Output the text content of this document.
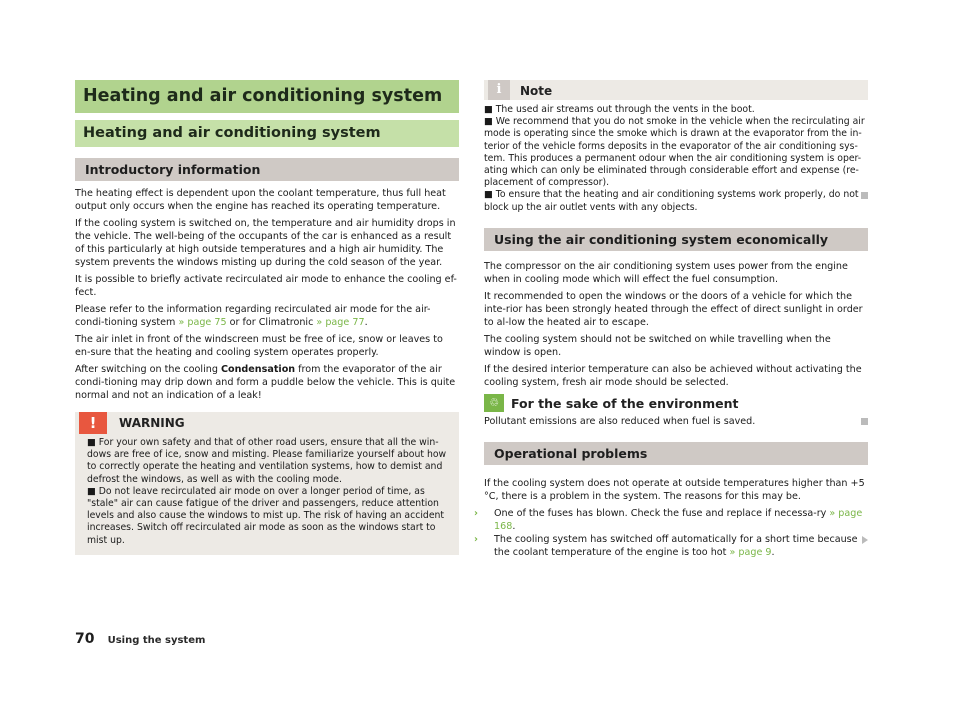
Heating and air conditioning system
Heating and air conditioning system
Introductory information

The heating effect is dependent upon the coolant temperature, thus full heat output only occurs when the engine has reached its operating temperature.

If the cooling system is switched on, the temperature and air humidity drops in the vehicle. The well-being of the occupants of the car is enhanced as a result of this particularly at high outside temperatures and a high air humidity. The system prevents the windows misting up during the cold season of the year.

It is possible to briefly activate recirculated air mode to enhance the cooling ef-fect.

Please refer to the information regarding recirculated air mode for the air-condi-tioning system » page 75 or for Climatronic » page 77.

The air inlet in front of the windscreen must be free of ice, snow or leaves to en-sure that the heating and cooling system operates properly.

After switching on the cooling Condensation from the evaporator of the air condi-tioning may drip down and form a puddle below the vehicle. This is quite normal and not an indication of a leak!

!	WARNING

■ For your own safety and that of other road users, ensure that all the win-dows are free of ice, snow and misting. Please familiarize yourself about how to correctly operate the heating and ventilation systems, how to demist and defrost the windows, as well as with the cooling mode.

■ Do not leave recirculated air mode on over a longer period of time, as "stale" air can cause fatigue of the driver and passengers, reduce attention levels and also cause the windows to mist up. The risk of having an accident increases. Switch off recirculated air mode as soon as the windows start to mist up.

i	Note

■ The used air streams out through the vents in the boot.

■ We recommend that you do not smoke in the vehicle when the recirculating air mode is operating since the smoke which is drawn at the evaporator from the in-terior of the vehicle forms deposits in the evaporator of the air conditioning sys-tem. This produces a permanent odour when the air conditioning system is oper-ating which can only be eliminated through considerable effort and expense (re-placement of compressor).

■ To ensure that the heating and air conditioning systems work properly, do not block up the air outlet vents with any objects.

Using the air conditioning system economically

The compressor on the air conditioning system uses power from the engine when in cooling mode which will effect the fuel consumption.

It recommended to open the windows or the doors of a vehicle for which the inte-rior has been strongly heated through the effect of direct sunlight in order to al-low the heated air to escape.

The cooling system should not be switched on while travelling when the window is open.

If the desired interior temperature can also be achieved without activating the cooling system, fresh air mode should be selected.

♲ For the sake of the environment

Pollutant emissions are also reduced when fuel is saved.

Operational problems

If the cooling system does not operate at outside temperatures higher than +5 °C, there is a problem in the system. The reasons for this may be.

› One of the fuses has blown. Check the fuse and replace if necessa-ry » page 168.

› The cooling system has switched off automatically for a short time because the coolant temperature of the engine is too hot » page 9.

70 Using the system
